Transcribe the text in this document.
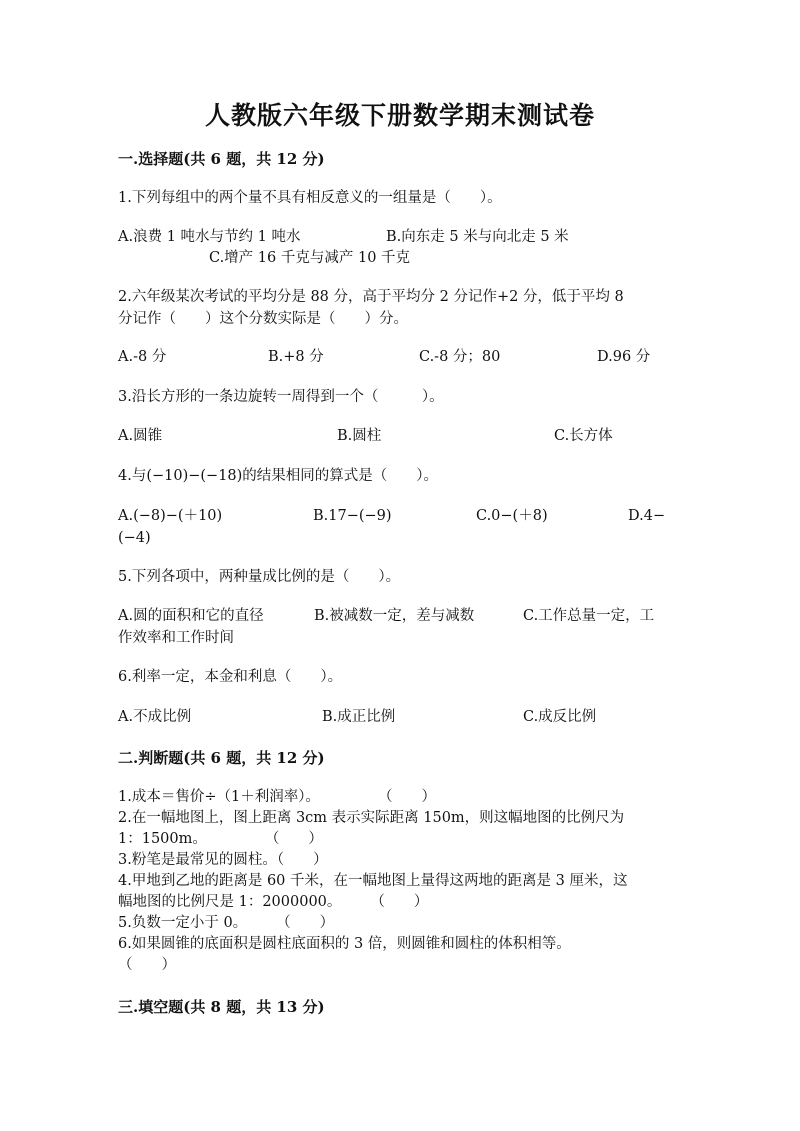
人教版六年级下册数学期末测试卷

一.选择题(共 6 题，共 12 分)

1.下列每组中的两个量不具有相反意义的一组量是（　　）。

A.浪费 1 吨水与节约 1 吨水	B.向东走 5 米与向北走 5 米
C.增产 16 千克与减产 10 千克

2.六年级某次考试的平均分是 88 分，高于平均分 2 分记作+2 分，低于平均 8

分记作（　　）这个分数实际是（　　）分。

A.-8 分	B.+8 分	C.-8 分；80	D.96 分

3.沿长方形的一条边旋转一周得到一个（　　　）。

A.圆锥	B.圆柱	C.长方体

4.与(−10)−(−18)的结果相同的算式是（　　）。

A.(−8)−(＋10)	B.17−(−9)	C.0−(＋8)	D.4−
(−4)

5.下列各项中，两种量成比例的是（　　）。

A.圆的面积和它的直径	B.被减数一定，差与减数	C.工作总量一定，工
作效率和工作时间

6.利率一定，本金和利息（　　）。

A.不成比例	B.成正比例	C.成反比例

二.判断题(共 6 题，共 12 分)

1.成本＝售价÷（1＋利润率）。　　　　　（　　）

2.在一幅地图上，图上距离 3cm 表示实际距离 150m，则这幅地图的比例尺为

1：1500m。　　　　　（　　）

3.粉笔是最常见的圆柱。（　　）

4.甲地到乙地的距离是 60 千米，在一幅地图上量得这两地的距离是 3 厘米，这

幅地图的比例尺是 1：2000000。　　　（　　）

5.负数一定小于 0。　　　（　　）

6.如果圆锥的底面积是圆柱底面积的 3 倍，则圆锥和圆柱的体积相等。

（　　）

三.填空题(共 8 题，共 13 分)
